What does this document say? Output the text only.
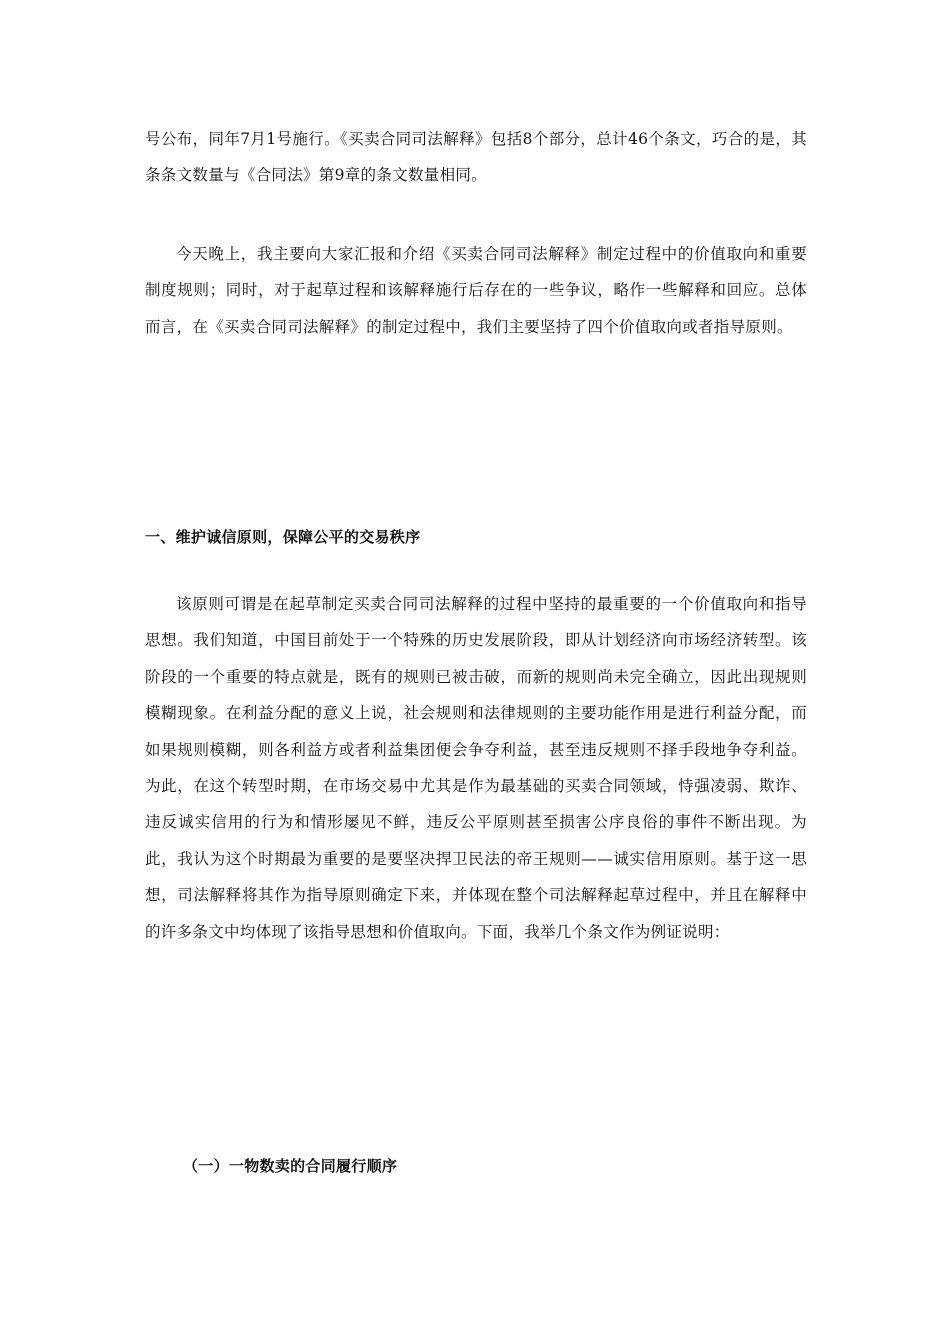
号公布，同年7月1号施行。《买卖合同司法解释》包括8个部分，总计46个条文，巧合的是，其条条文数量与《合同法》第9章的条文数量相同。

今天晚上，我主要向大家汇报和介绍《买卖合同司法解释》制定过程中的价值取向和重要制度规则；同时，对于起草过程和该解释施行后存在的一些争议，略作一些解释和回应。总体而言，在《买卖合同司法解释》的制定过程中，我们主要坚持了四个价值取向或者指导原则。

一、维护诚信原则，保障公平的交易秩序

该原则可谓是在起草制定买卖合同司法解释的过程中坚持的最重要的一个价值取向和指导思想。我们知道，中国目前处于一个特殊的历史发展阶段，即从计划经济向市场经济转型。该阶段的一个重要的特点就是，既有的规则已被击破，而新的规则尚未完全确立，因此出现规则模糊现象。在利益分配的意义上说，社会规则和法律规则的主要功能作用是进行利益分配，而如果规则模糊，则各利益方或者利益集团便会争夺利益，甚至违反规则不择手段地争夺利益。为此，在这个转型时期，在市场交易中尤其是作为最基础的买卖合同领域，恃强凌弱、欺诈、违反诚实信用的行为和情形屡见不鲜，违反公平原则甚至损害公序良俗的事件不断出现。为此，我认为这个时期最为重要的是要坚决捍卫民法的帝王规则——诚实信用原则。基于这一思想，司法解释将其作为指导原则确定下来，并体现在整个司法解释起草过程中，并且在解释中的许多条文中均体现了该指导思想和价值取向。下面，我举几个条文作为例证说明：

（一）一物数卖的合同履行顺序
